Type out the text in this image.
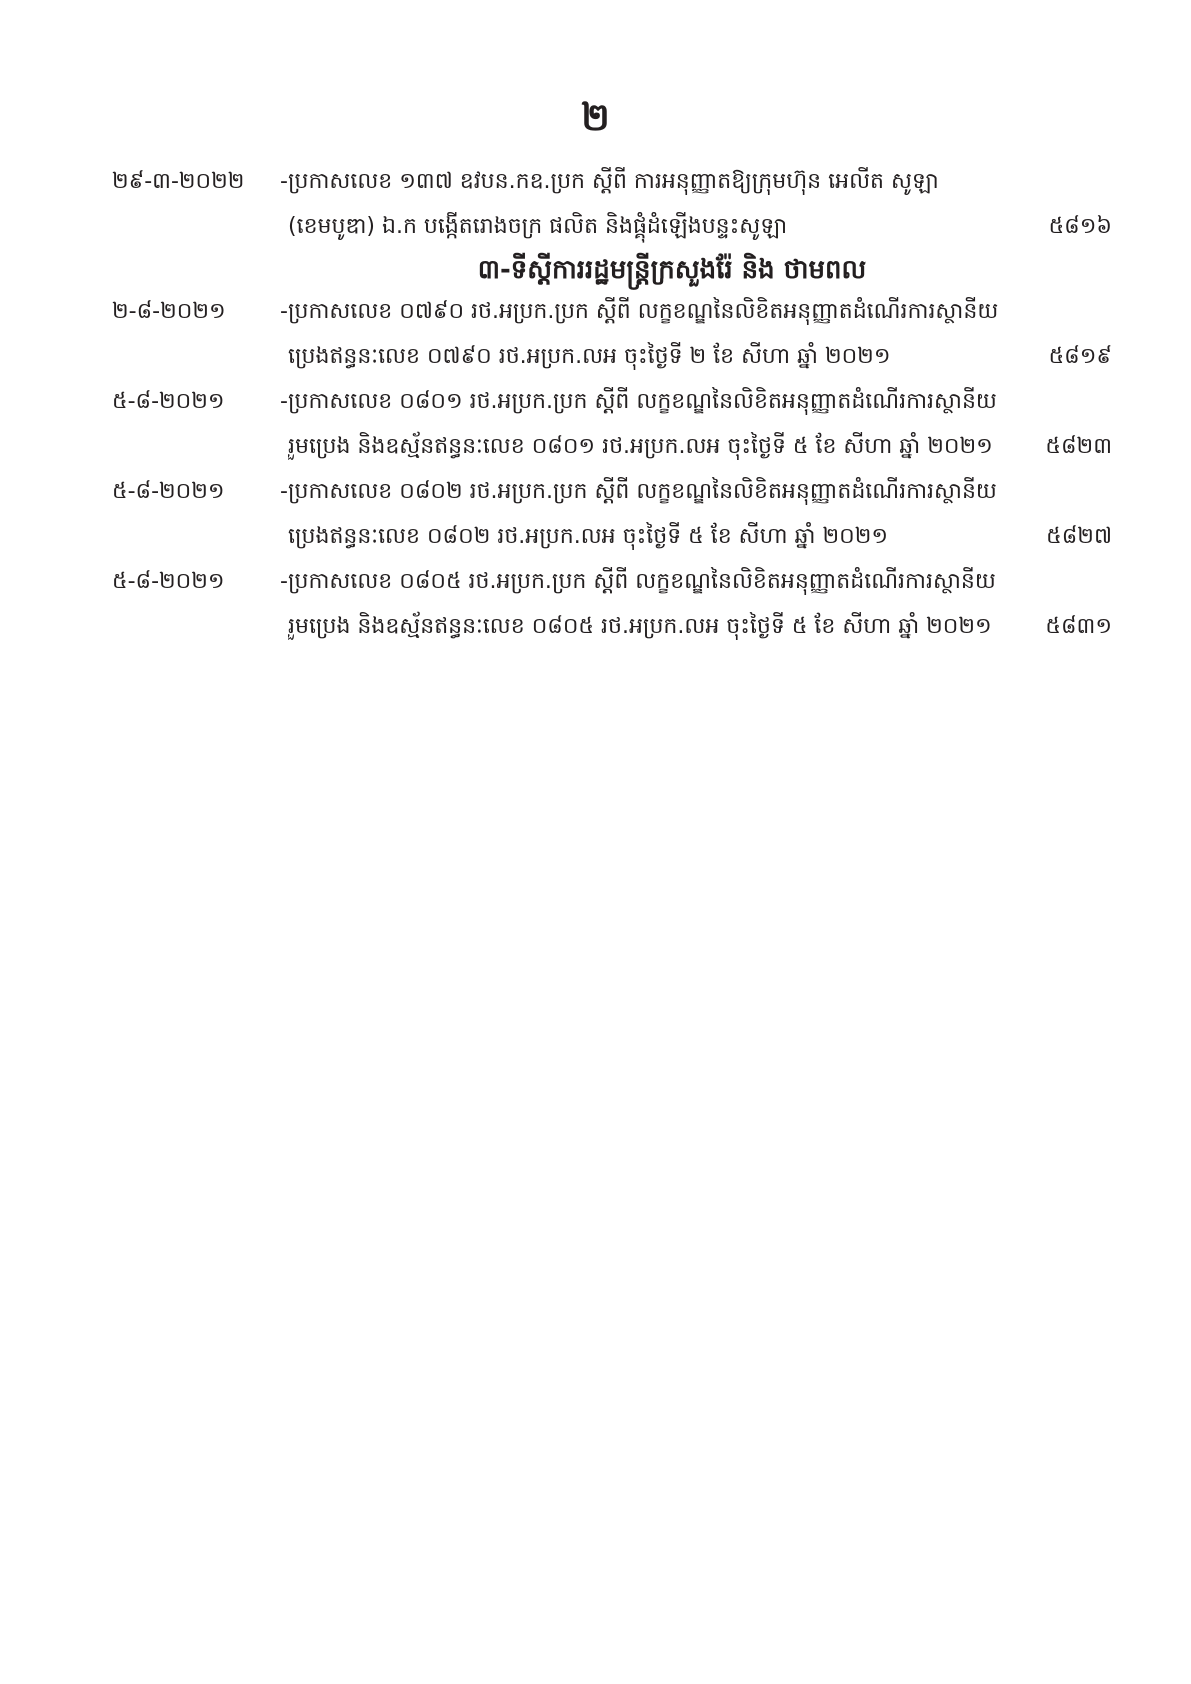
២
២៩-៣-២០២២ -ប្រកាសលេខ ១៣៧ ឧវបន.កឧ.ប្រក ស្តីពី ការអនុញ្ញាតឱ្យក្រុមហ៊ុន អេលីត សូឡា
(ខេមបូឌា) ឯ.ក បង្កើតរោងចក្រ ផលិត និងផ្គុំដំឡើងបន្ទះសូឡា	៥៨១៦
៣-ទីស្តីការរដ្ឋមន្ត្រីក្រសួងរ៉ែ និង ថាមពល
២-៨-២០២១ -ប្រកាសលេខ ០៧៩០ រថ.អប្រក.ប្រក ស្តីពី លក្ខខណ្ឌនៃលិខិតអនុញ្ញាតដំណើរការស្ថានីយ
ប្រេងឥន្ធនៈលេខ ០៧៩០ រថ.អប្រក.លអ ចុះថ្ងៃទី ២ ខែ សីហា ឆ្នាំ ២០២១	៥៨១៩
៥-៨-២០២១	-ប្រកាសលេខ ០៨០១ រថ.អប្រក.ប្រក ស្តីពី លក្ខខណ្ឌនៃលិខិតអនុញ្ញាតដំណើរការស្ថានីយ
រួមប្រេង និងឧស្ម័នឥន្ធនៈលេខ ០៨០១ រថ.អប្រក.លអ ចុះថ្ងៃទី ៥ ខែ សីហា ឆ្នាំ ២០២១	៥៨២៣
៥-៨-២០២១	-ប្រកាសលេខ ០៨០២ រថ.អប្រក.ប្រក ស្តីពី លក្ខខណ្ឌនៃលិខិតអនុញ្ញាតដំណើរការស្ថានីយ
ប្រេងឥន្ធនៈលេខ ០៨០២ រថ.អប្រក.លអ ចុះថ្ងៃទី ៥ ខែ សីហា ឆ្នាំ ២០២១	៥៨២៧
៥-៨-២០២១	-ប្រកាសលេខ ០៨០៥ រថ.អប្រក.ប្រក ស្តីពី លក្ខខណ្ឌនៃលិខិតអនុញ្ញាតដំណើរការស្ថានីយ
រួមប្រេង និងឧស្ម័នឥន្ធនៈលេខ ០៨០៥ រថ.អប្រក.លអ ចុះថ្ងៃទី ៥ ខែ សីហា ឆ្នាំ ២០២១	៥៨៣១
